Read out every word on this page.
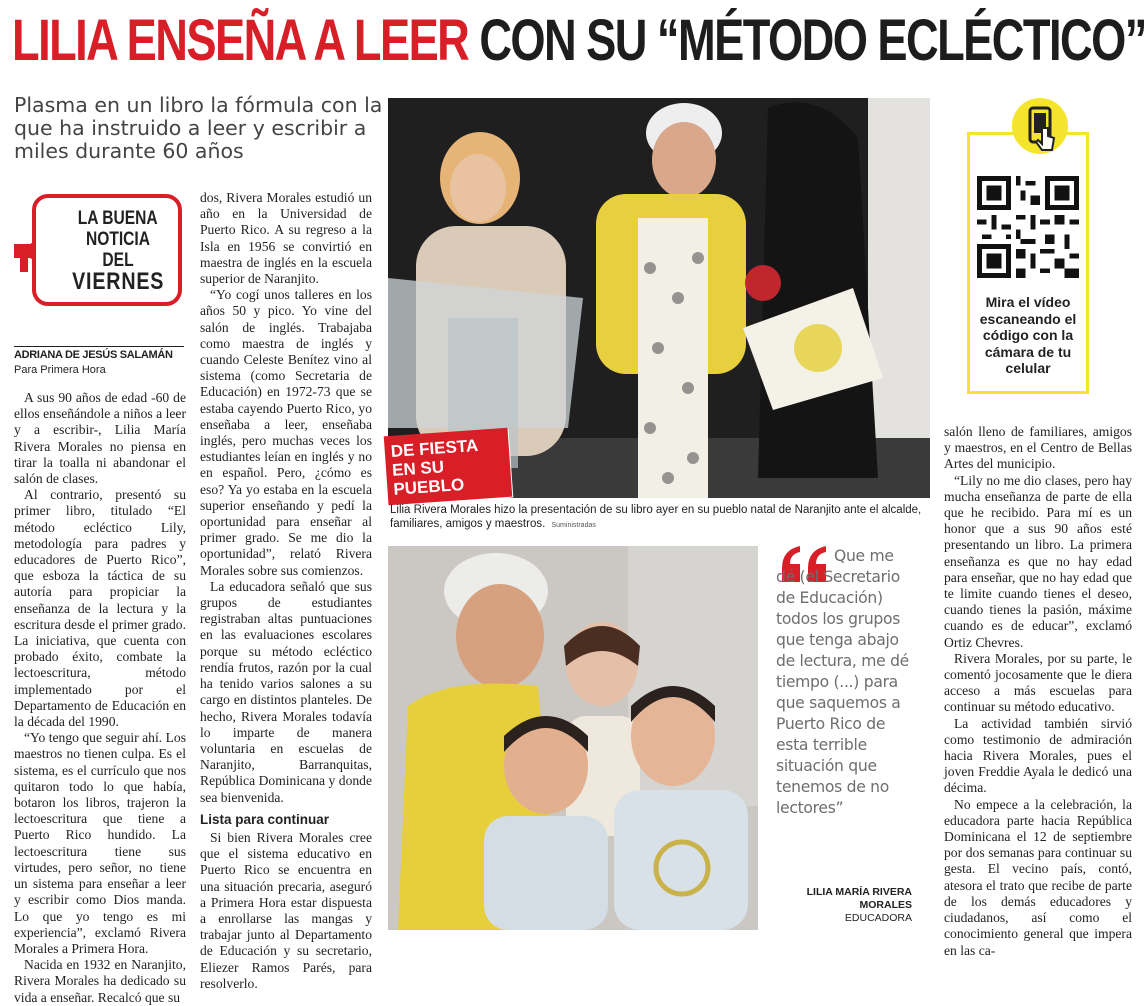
LILIA ENSEÑA A LEER CON SU “MÉTODO ECLÉCTICO”

Plasma en un libro la fórmula con la que ha instruido a leer y escribir a miles durante 60 años

LA BUENA
NOTICIA DEL
VIERNES
ADRIANA DE JESÚS SALAMÁN
Para Primera Hora

A sus 90 años de edad -60 de ellos enseñándole a niños a leer y a escribir-, Lilia María Rivera Morales no piensa en tirar la toalla ni abandonar el salón de clases.

Al contrario, presentó su primer libro, titulado “El método ecléctico Lily, metodología para padres y educadores de Puerto Rico”, que esboza la táctica de su autoría para propiciar la enseñanza de la lectura y la escritura desde el primer grado. La iniciativa, que cuenta con probado éxito, combate la lectoescritura, método implementado por el Departamento de Educación en la década del 1990.

“Yo tengo que seguir ahí. Los maestros no tienen culpa. Es el sistema, es el currículo que nos quitaron todo lo que había, botaron los libros, trajeron la lectoescritura que tiene a Puerto Rico hundido. La lectoescritura tiene sus virtudes, pero señor, no tiene un sistema para enseñar a leer y escribir como Dios manda. Lo que yo tengo es mi experiencia”, exclamó Rivera Morales a Primera Hora.

Nacida en 1932 en Naranjito, Rivera Morales ha dedicado su vida a enseñar. Recalcó que su

dos, Rivera Morales estudió un año en la Universidad de Puerto Rico. A su regreso a la Isla en 1956 se convirtió en maestra de inglés en la escuela superior de Naranjito.

“Yo cogí unos talleres en los años 50 y pico. Yo vine del salón de inglés. Trabajaba como maestra de inglés y cuando Celeste Benítez vino al sistema (como Secretaria de Educación) en 1972-73 que se estaba cayendo Puerto Rico, yo enseñaba a leer, enseñaba inglés, pero muchas veces los estudiantes leían en inglés y no en español. Pero, ¿cómo es eso? Ya yo estaba en la escuela superior enseñando y pedí la oportunidad para enseñar al primer grado. Se me dio la oportunidad”, relató Rivera Morales sobre sus comienzos.

La educadora señaló que sus grupos de estudiantes registraban altas puntuaciones en las evaluaciones escolares porque su método ecléctico rendía frutos, razón por la cual ha tenido varios salones a su cargo en distintos planteles. De hecho, Rivera Morales todavía lo imparte de manera voluntaria en escuelas de Naranjito, Barranquitas, República Dominicana y donde sea bienvenida.

Lista para continuar

Si bien Rivera Morales cree que el sistema educativo en Puerto Rico se encuentra en una situación precaria, aseguró a Primera Hora estar dispuesta a enrollarse las mangas y trabajar junto al Departamento de Educación y su secretario, Eliezer Ramos Parés, para resolverlo.

DE FIESTA EN SU PUEBLO
Lilia Rivera Morales hizo la presentación de su libro ayer en su pueblo natal de Naranjito ante el alcalde, familiares, amigos y maestros. Suministradas
Mira el vídeo escaneando el código con la cámara de tu celular

Que me dé (el Secretario de Educación) todos los grupos que tenga abajo de lectura, me dé tiempo (...) para que saquemos a Puerto Rico de esta terrible situación que tenemos de no lectores”

LILIA MARÍA RIVERA MORALES
EDUCADORA

salón lleno de familiares, amigos y maestros, en el Centro de Bellas Artes del municipio.

“Lily no me dio clases, pero hay mucha enseñanza de parte de ella que he recibido. Para mí es un honor que a sus 90 años esté presentando un libro. La primera enseñanza es que no hay edad para enseñar, que no hay edad que te limite cuando tienes el deseo, cuando tienes la pasión, máxime cuando es de educar”, exclamó Ortiz Chevres.

Rivera Morales, por su parte, le comentó jocosamente que le diera acceso a más escuelas para continuar su método educativo.

La actividad también sirvió como testimonio de admiración hacia Rivera Morales, pues el joven Freddie Ayala le dedicó una décima.

No empece a la celebración, la educadora parte hacia República Dominicana el 12 de septiembre por dos semanas para continuar su gesta. El vecino país, contó, atesora el trato que recibe de parte de los demás educadores y ciudadanos, así como el conocimiento general que impera en las ca-
